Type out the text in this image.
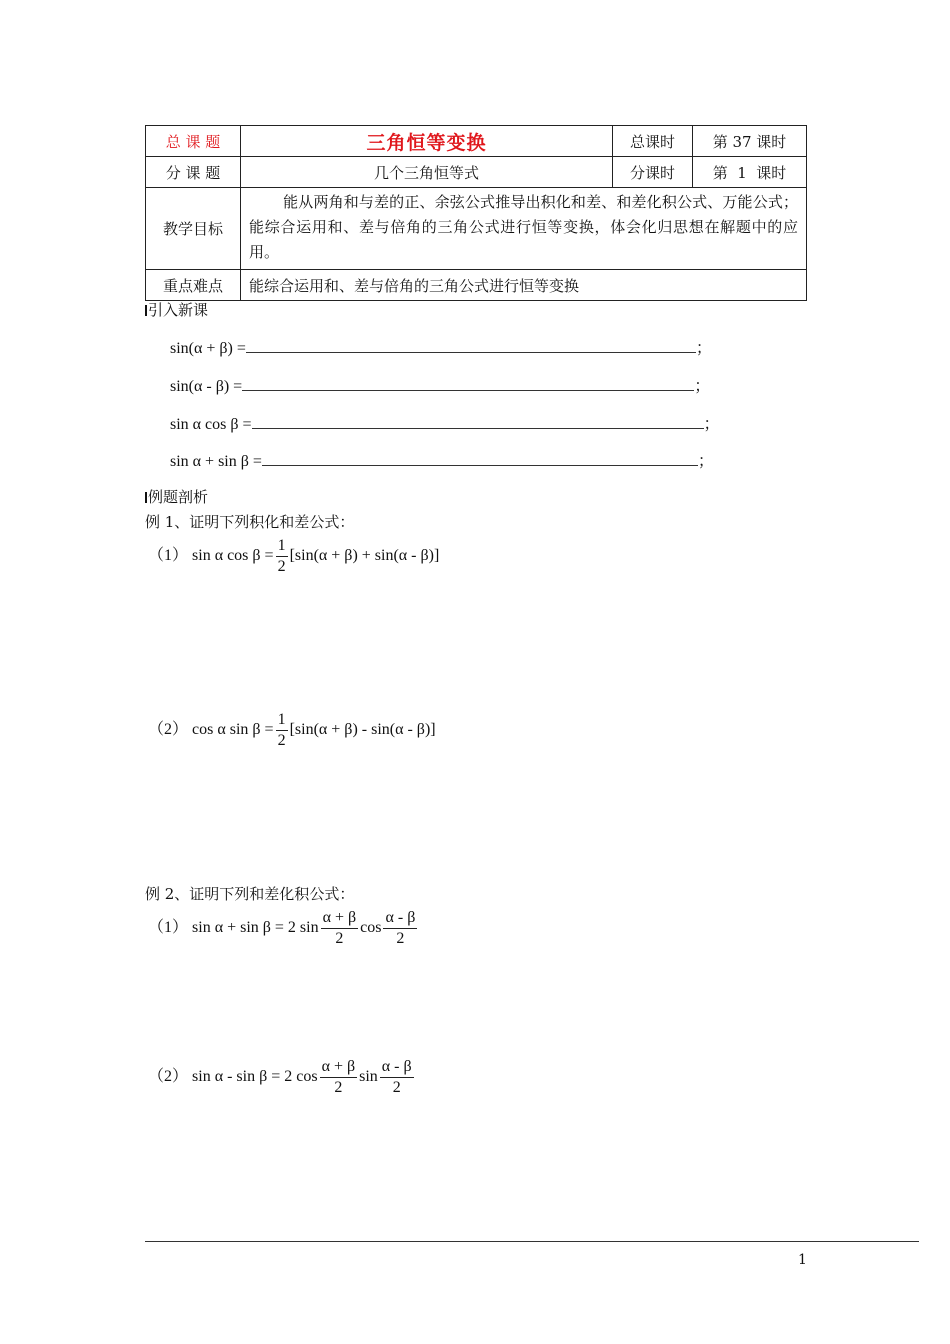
总 课 题	三角恒等变换	总课时	第 37 课时
分 课 题	几个三角恒等式	分课时	第  1  课时
教学目标	能从两角和与差的正、余弦公式推导出积化和差、和差化积公式、万能公式；能综合运用和、差与倍角的三角公式进行恒等变换，体会化归思想在解题中的应用。		
重点难点	能综合运用和、差与倍角的三角公式进行恒等变换		
引入新课
sin(α + β) =	；
sin(α - β) =	；
sin α cos β =	；
sin α + sin β =	；
例题剖析
例 1、证明下列积化和差公式：
（1） sin α $\cos \beta = \frac{1}{2} [\sin(\alpha + \beta) + \sin(\alpha - \beta)]$
（2） cos α $\sin \beta = \frac{1}{2} [\sin(\alpha + \beta) - \sin(\alpha - \beta)]$
例 2、证明下列和差化积公式：
（1） sin α + sin β = 2 $\sin \frac{\alpha + \beta}{2}$ $\cos \frac{\alpha - \beta}{2}$
（2） sin α - sin β = 2 $\cos \frac{\alpha + \beta}{2}$ $\sin \frac{\alpha - \beta}{2}$
1
